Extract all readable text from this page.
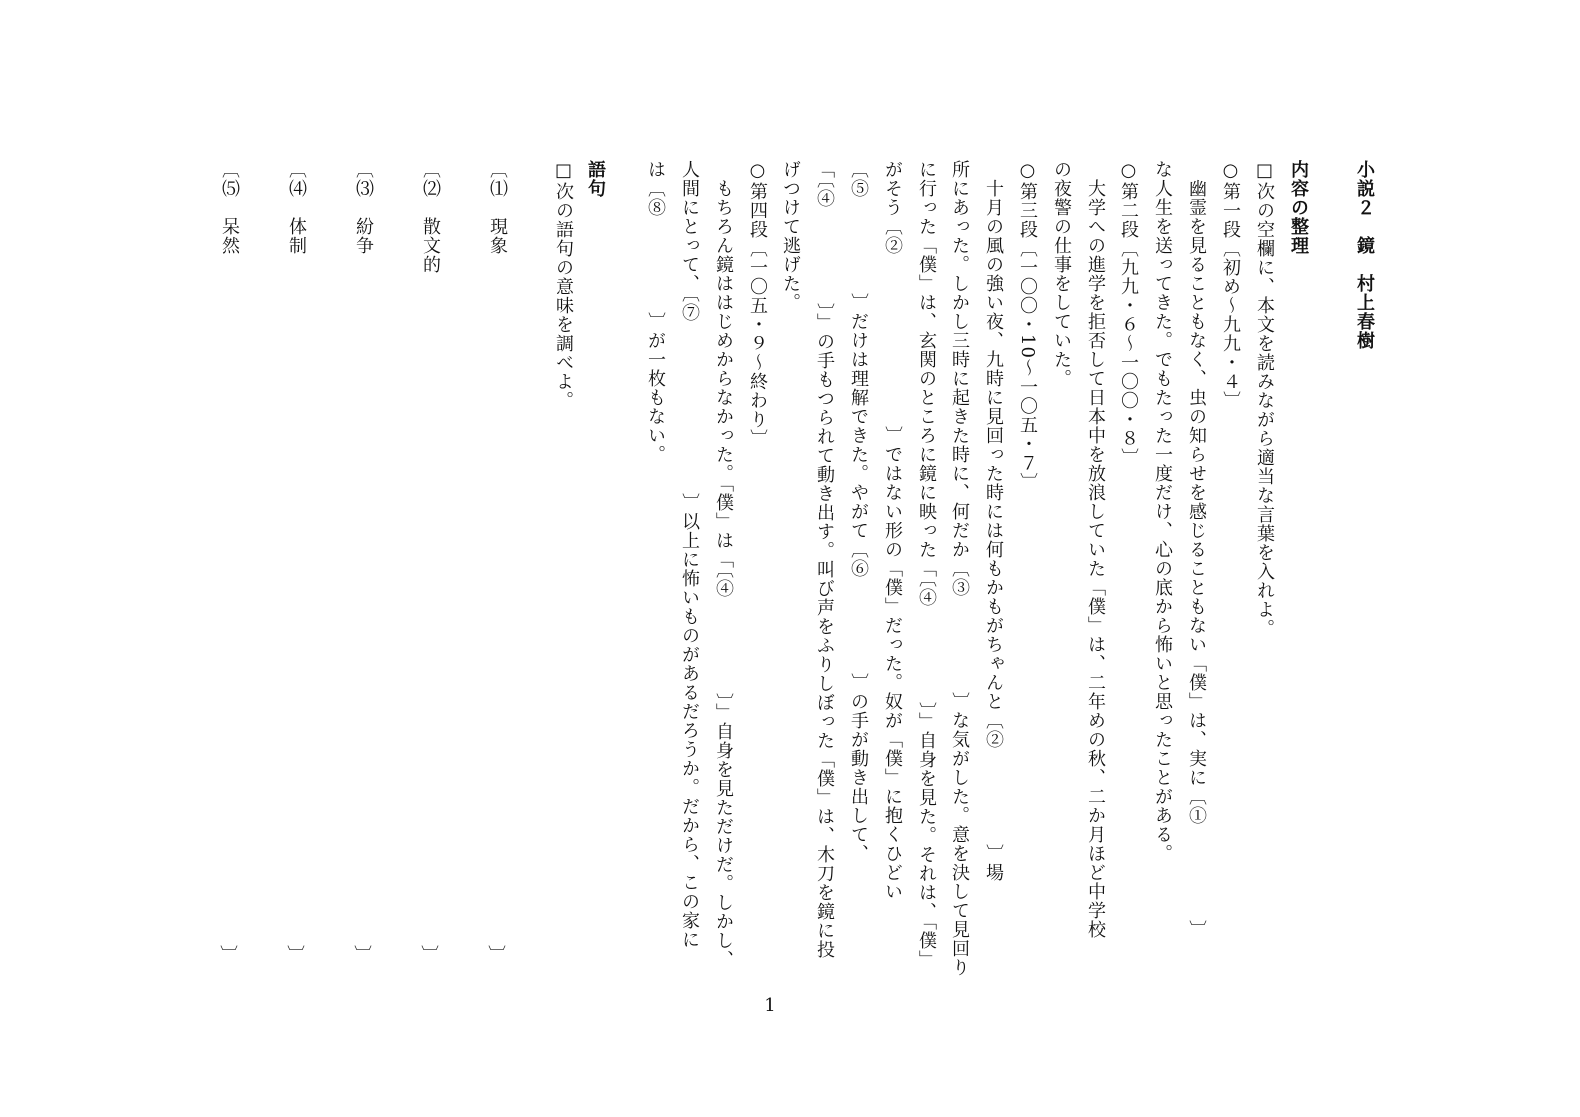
小説２　鏡　村上春樹
内容の整理
□次の空欄に、本文を読みながら適当な言葉を入れよ。
○第一段〔初め〜九九・４〕
　幽霊を見ることもなく、虫の知らせを感じることもない「僕」は、実に〔①　　　　　〕
な人生を送ってきた。でもたった一度だけ、心の底から怖いと思ったことがある。
○第二段〔九九・６〜一〇〇・８〕
　大学への進学を拒否して日本中を放浪していた「僕」は、二年めの秋、二か月ほど中学校
の夜警の仕事をしていた。
○第三段〔一〇〇・10〜一〇五・７〕
　十月の風の強い夜、九時に見回った時には何もかもがちゃんと〔②　　　　　〕場
所にあった。しかし三時に起きた時に、何だか〔③　　　　　〕な気がした。意を決して見回り
に行った「僕」は、玄関のところに鏡に映った「〔④　　　　　〕」自身を見た。それは、「僕」
がそう〔②　　　　　　　　　〕ではない形の「僕」だった。奴が「僕」に抱くひどい
〔⑤　　　　　〕だけは理解できた。やがて〔⑥　　　　　〕の手が動き出して、
「〔④　　　　　〕」の手もつられて動き出す。叫び声をふりしぼった「僕」は、木刀を鏡に投
げつけて逃げた。
○第四段〔一〇五・９〜終わり〕
　もちろん鏡ははじめからなかった。「僕」は「〔④　　　　　〕」自身を見ただけだ。しかし、
人間にとって、〔⑦　　　　　　　　　〕以上に怖いものがあるだろうか。だから、この家に
は〔⑧　　　　　〕が一枚もない。
語句
□次の語句の意味を調べよ。
︹⑴　現象
︺
︹⑵　散文的
︺
︹⑶　紛争
︺
︹⑷　体制
︺
︹⑸　呆然
︺
1
